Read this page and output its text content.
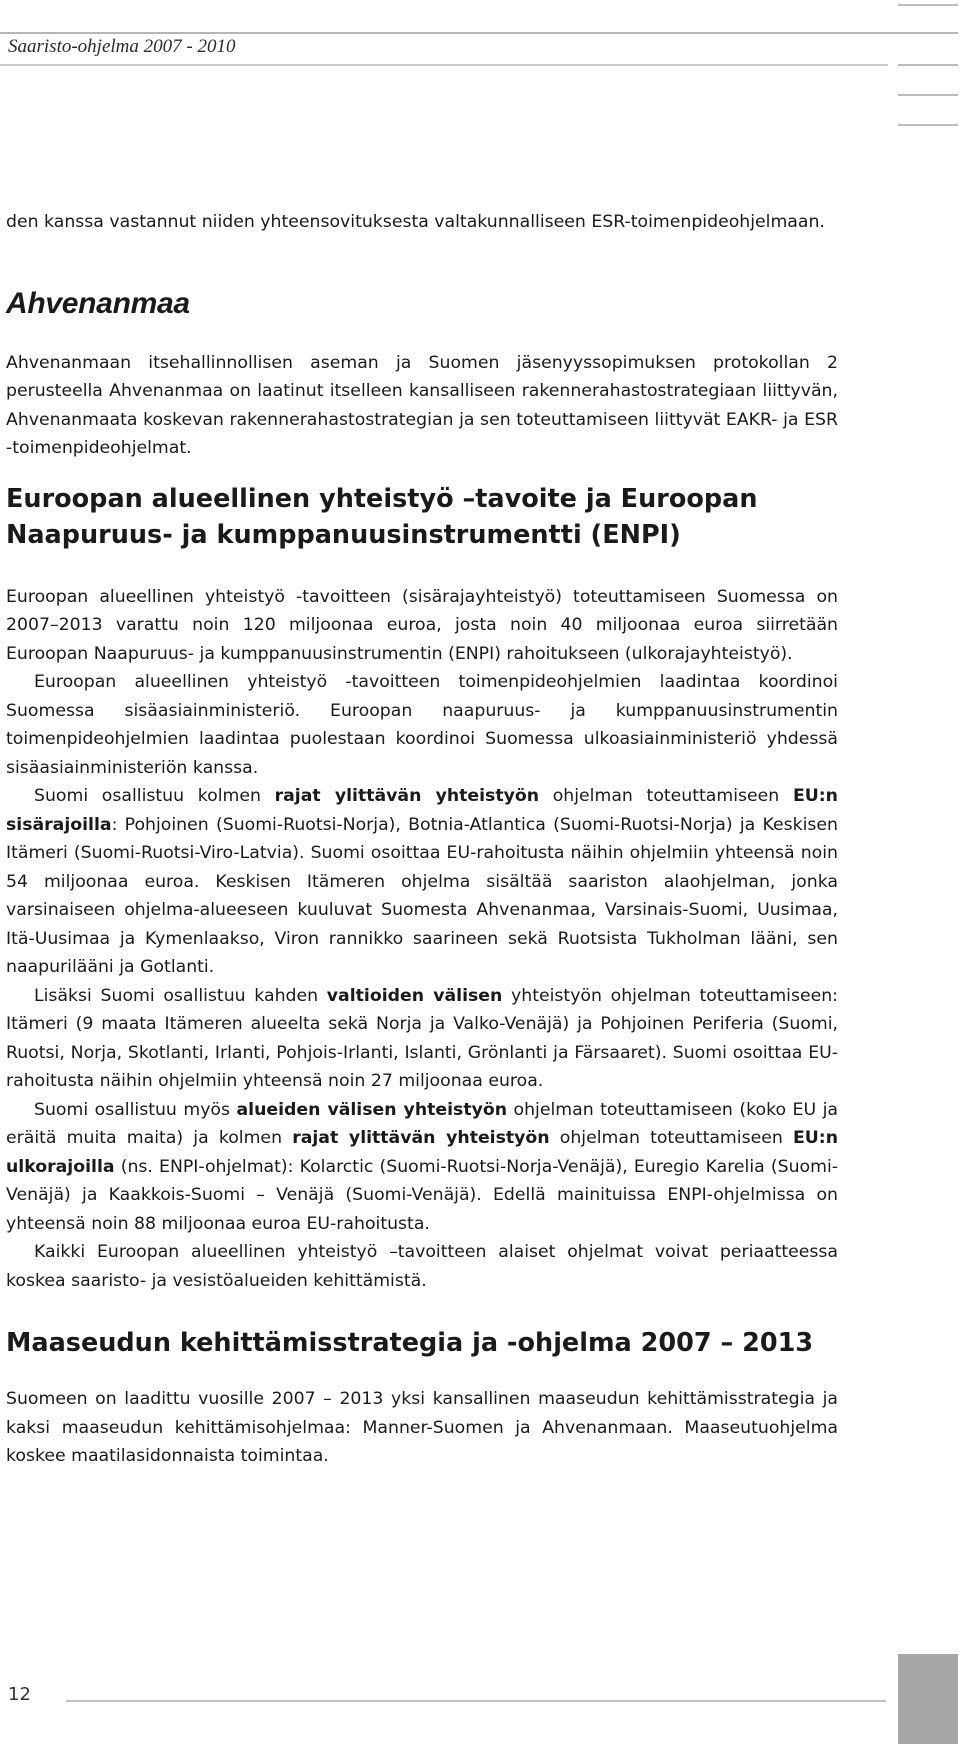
Saaristo-ohjelma 2007 - 2010

den kanssa vastannut niiden yhteensovituksesta valtakunnalliseen ESR-toimenpideohjelmaan.

Ahvenanmaa

Ahvenanmaan itsehallinnollisen aseman ja Suomen jäsenyyssopimuksen protokollan 2 perusteella Ahvenanmaa on laatinut itselleen kansalliseen rakennerahastostrategiaan liittyvän, Ahvenanmaata koskevan rakennerahastostrategian ja sen toteuttamiseen liittyvät EAKR- ja ESR -toimenpideohjelmat.

Euroopan alueellinen yhteistyö –tavoite ja Euroopan Naapuruus- ja kumppanuusinstrumentti (ENPI)

Euroopan alueellinen yhteistyö -tavoitteen (sisärajayhteistyö) toteuttamiseen Suomessa on 2007–2013 varattu noin 120 miljoonaa euroa, josta noin 40 miljoonaa euroa siirretään Euroopan Naapuruus- ja kumppanuusinstrumentin (ENPI) rahoitukseen (ulkorajayhteistyö).

Euroopan alueellinen yhteistyö -tavoitteen toimenpideohjelmien laadintaa koordinoi Suomessa sisäasiainministeriö. Euroopan naapuruus- ja kumppanuusinstrumentin toimenpideohjelmien laadintaa puolestaan koordinoi Suomessa ulkoasiainministeriö yhdessä sisäasiainministeriön kanssa.

Suomi osallistuu kolmen rajat ylittävän yhteistyön ohjelman toteuttamiseen EU:n sisärajoilla: Pohjoinen (Suomi-Ruotsi-Norja), Botnia-Atlantica (Suomi-Ruotsi-Norja) ja Keskisen Itämeri (Suomi-Ruotsi-Viro-Latvia). Suomi osoittaa EU-rahoitusta näihin ohjelmiin yhteensä noin 54 miljoonaa euroa. Keskisen Itämeren ohjelma sisältää saariston alaohjelman, jonka varsinaiseen ohjelma-alueeseen kuuluvat Suomesta Ahvenanmaa, Varsinais-Suomi, Uusimaa, Itä-Uusimaa ja Kymenlaakso, Viron rannikko saarineen sekä Ruotsista Tukholman lääni, sen naapurilääni ja Gotlanti.

Lisäksi Suomi osallistuu kahden valtioiden välisen yhteistyön ohjelman toteuttamiseen: Itämeri (9 maata Itämeren alueelta sekä Norja ja Valko-Venäjä) ja Pohjoinen Periferia (Suomi, Ruotsi, Norja, Skotlanti, Irlanti, Pohjois-Irlanti, Islanti, Grönlanti ja Färsaaret). Suomi osoittaa EU-rahoitusta näihin ohjelmiin yhteensä noin 27 miljoonaa euroa.

Suomi osallistuu myös alueiden välisen yhteistyön ohjelman toteuttamiseen (koko EU ja eräitä muita maita) ja kolmen rajat ylittävän yhteistyön ohjelman toteuttamiseen EU:n ulkorajoilla (ns. ENPI-ohjelmat): Kolarctic (Suomi-Ruotsi-Norja-Venäjä), Euregio Karelia (Suomi-Venäjä) ja Kaakkois-Suomi – Venäjä (Suomi-Venäjä). Edellä mainituissa ENPI-ohjelmissa on yhteensä noin 88 miljoonaa euroa EU-rahoitusta.

Kaikki Euroopan alueellinen yhteistyö –tavoitteen alaiset ohjelmat voivat periaatteessa koskea saaristo- ja vesistöalueiden kehittämistä.

Maaseudun kehittämisstrategia ja -ohjelma 2007 – 2013

Suomeen on laadittu vuosille 2007 – 2013 yksi kansallinen maaseudun kehittämisstrategia ja kaksi maaseudun kehittämisohjelmaa: Manner-Suomen ja Ahvenanmaan. Maaseutuohjelma koskee maatilasidonnaista toimintaa.

12
